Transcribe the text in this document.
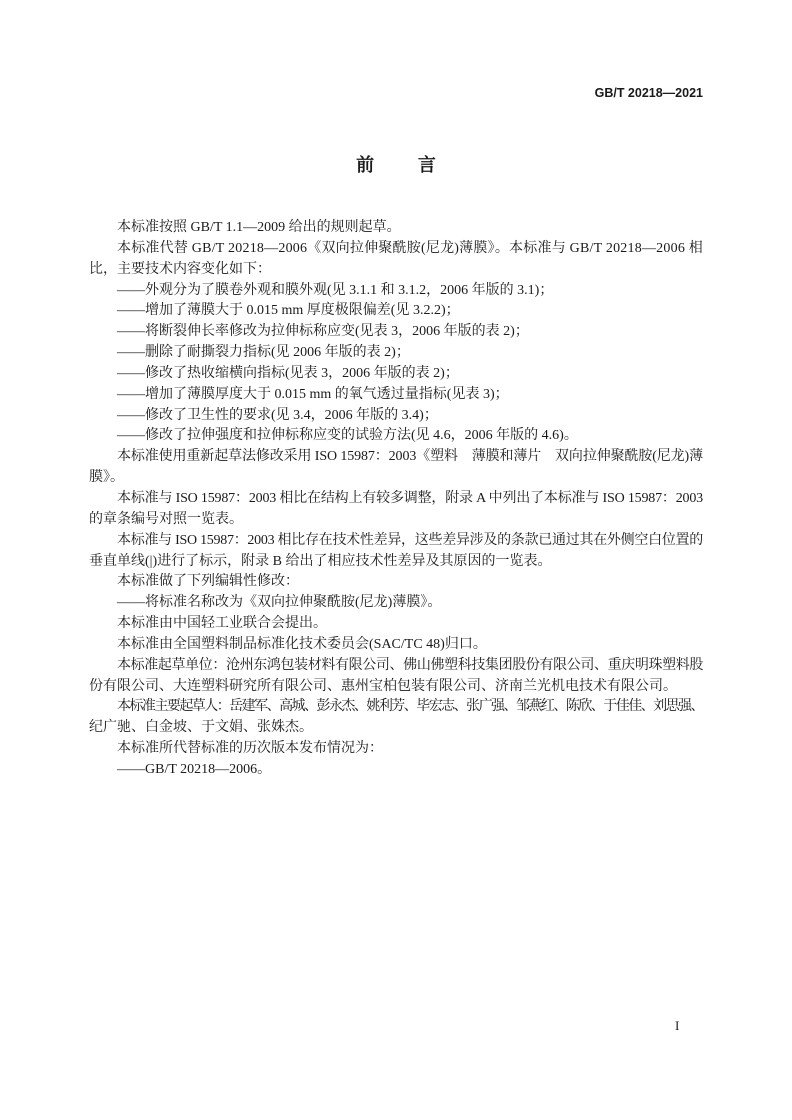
GB/T 20218—2021
前　　言
本标准按照 GB/T 1.1—2009 给出的规则起草。
本标准代替 GB/T 20218—2006《双向拉伸聚酰胺(尼龙)薄膜》。本标准与 GB/T 20218—2006 相
比，主要技术内容变化如下：
——外观分为了膜卷外观和膜外观(见 3.1.1 和 3.1.2，2006 年版的 3.1)；
——增加了薄膜大于 0.015 mm 厚度极限偏差(见 3.2.2)；
——将断裂伸长率修改为拉伸标称应变(见表 3，2006 年版的表 2)；
——删除了耐撕裂力指标(见 2006 年版的表 2)；
——修改了热收缩横向指标(见表 3，2006 年版的表 2)；
——增加了薄膜厚度大于 0.015 mm 的氧气透过量指标(见表 3)；
——修改了卫生性的要求(见 3.4，2006 年版的 3.4)；
——修改了拉伸强度和拉伸标称应变的试验方法(见 4.6，2006 年版的 4.6)。
本标准使用重新起草法修改采用 ISO 15987：2003《塑料　薄膜和薄片　双向拉伸聚酰胺(尼龙)薄
膜》。
本标准与 ISO 15987：2003 相比在结构上有较多调整，附录 A 中列出了本标准与 ISO 15987：2003
的章条编号对照一览表。
本标准与 ISO 15987：2003 相比存在技术性差异，这些差异涉及的条款已通过其在外侧空白位置的
垂直单线(|)进行了标示，附录 B 给出了相应技术性差异及其原因的一览表。
本标准做了下列编辑性修改：
——将标准名称改为《双向拉伸聚酰胺(尼龙)薄膜》。
本标准由中国轻工业联合会提出。
本标准由全国塑料制品标准化技术委员会(SAC/TC 48)归口。
本标准起草单位：沧州东鸿包装材料有限公司、佛山佛塑科技集团股份有限公司、重庆明珠塑料股
份有限公司、大连塑料研究所有限公司、惠州宝柏包装有限公司、济南兰光机电技术有限公司。
本标准主要起草人：岳建军、高城、彭永杰、姚利芳、毕宏志、张广强、邹燕红、陈欣、于佳佳、刘思强、
纪广驰、白金坡、于文娟、张姝杰。
本标准所代替标准的历次版本发布情况为：
——GB/T 20218—2006。
I
